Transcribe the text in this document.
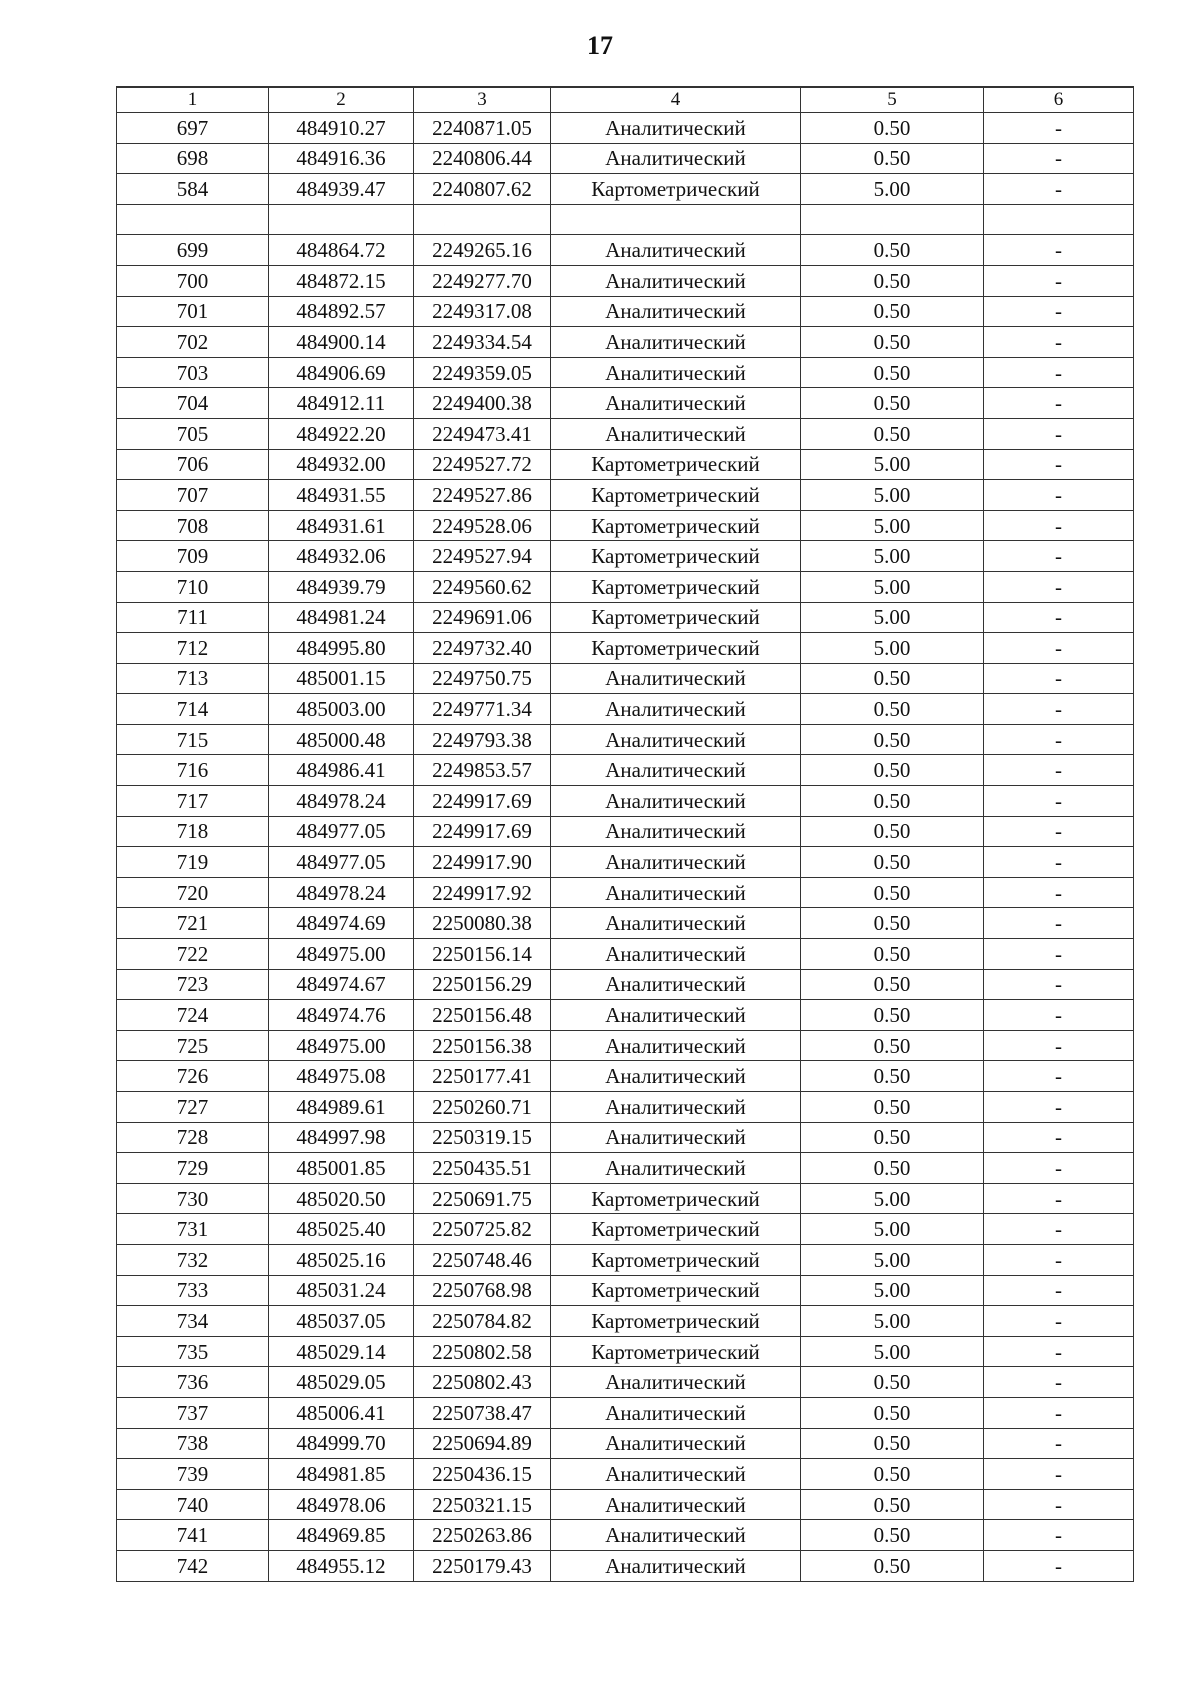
17
1	2	3	4	5	6
697	484910.27	2240871.05	Аналитический	0.50	-
698	484916.36	2240806.44	Аналитический	0.50	-
584	484939.47	2240807.62	Картометрический	5.00	-

699	484864.72	2249265.16	Аналитический	0.50	-
700	484872.15	2249277.70	Аналитический	0.50	-
701	484892.57	2249317.08	Аналитический	0.50	-
702	484900.14	2249334.54	Аналитический	0.50	-
703	484906.69	2249359.05	Аналитический	0.50	-
704	484912.11	2249400.38	Аналитический	0.50	-
705	484922.20	2249473.41	Аналитический	0.50	-
706	484932.00	2249527.72	Картометрический	5.00	-
707	484931.55	2249527.86	Картометрический	5.00	-
708	484931.61	2249528.06	Картометрический	5.00	-
709	484932.06	2249527.94	Картометрический	5.00	-
710	484939.79	2249560.62	Картометрический	5.00	-
711	484981.24	2249691.06	Картометрический	5.00	-
712	484995.80	2249732.40	Картометрический	5.00	-
713	485001.15	2249750.75	Аналитический	0.50	-
714	485003.00	2249771.34	Аналитический	0.50	-
715	485000.48	2249793.38	Аналитический	0.50	-
716	484986.41	2249853.57	Аналитический	0.50	-
717	484978.24	2249917.69	Аналитический	0.50	-
718	484977.05	2249917.69	Аналитический	0.50	-
719	484977.05	2249917.90	Аналитический	0.50	-
720	484978.24	2249917.92	Аналитический	0.50	-
721	484974.69	2250080.38	Аналитический	0.50	-
722	484975.00	2250156.14	Аналитический	0.50	-
723	484974.67	2250156.29	Аналитический	0.50	-
724	484974.76	2250156.48	Аналитический	0.50	-
725	484975.00	2250156.38	Аналитический	0.50	-
726	484975.08	2250177.41	Аналитический	0.50	-
727	484989.61	2250260.71	Аналитический	0.50	-
728	484997.98	2250319.15	Аналитический	0.50	-
729	485001.85	2250435.51	Аналитический	0.50	-
730	485020.50	2250691.75	Картометрический	5.00	-
731	485025.40	2250725.82	Картометрический	5.00	-
732	485025.16	2250748.46	Картометрический	5.00	-
733	485031.24	2250768.98	Картометрический	5.00	-
734	485037.05	2250784.82	Картометрический	5.00	-
735	485029.14	2250802.58	Картометрический	5.00	-
736	485029.05	2250802.43	Аналитический	0.50	-
737	485006.41	2250738.47	Аналитический	0.50	-
738	484999.70	2250694.89	Аналитический	0.50	-
739	484981.85	2250436.15	Аналитический	0.50	-
740	484978.06	2250321.15	Аналитический	0.50	-
741	484969.85	2250263.86	Аналитический	0.50	-
742	484955.12	2250179.43	Аналитический	0.50	-
